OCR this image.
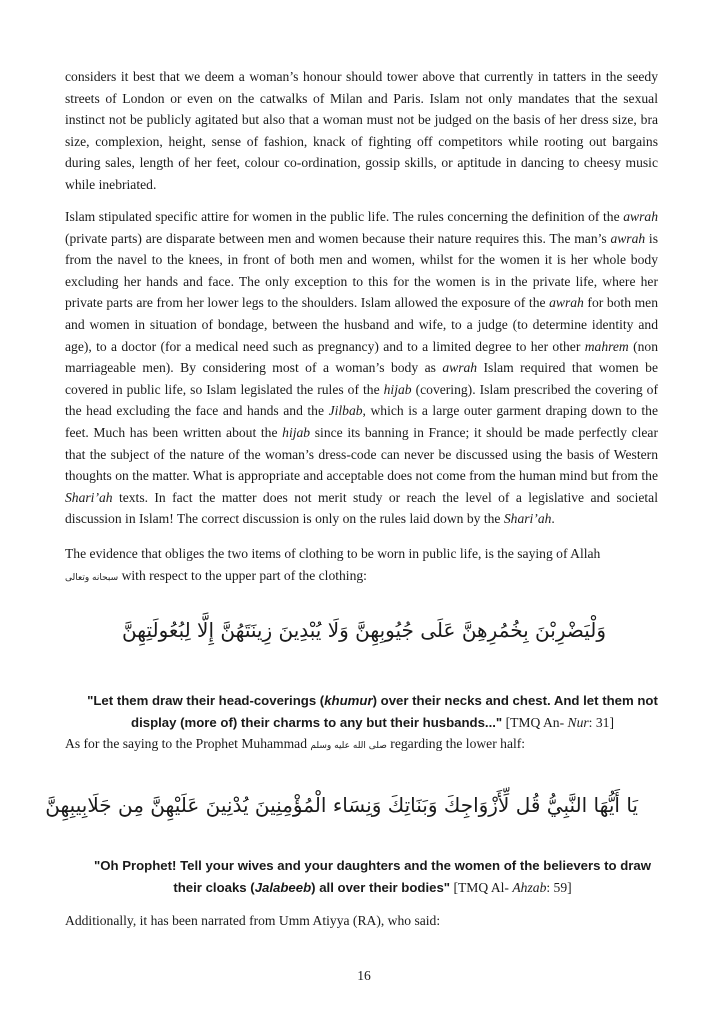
considers it best that we deem a woman’s honour should tower above that currently in tatters in the seedy streets of London or even on the catwalks of Milan and Paris. Islam not only mandates that the sexual instinct not be publicly agitated but also that a woman must not be judged on the basis of her dress size, bra size, complexion, height, sense of fashion, knack of fighting off competitors while rooting out bargains during sales, length of her feet, colour co-ordination, gossip skills, or aptitude in dancing to cheesy music while inebriated.

Islam stipulated specific attire for women in the public life. The rules concerning the definition of the awrah (private parts) are disparate between men and women because their nature requires this. The man’s awrah is from the navel to the knees, in front of both men and women, whilst for the women it is her whole body excluding her hands and face. The only exception to this for the women is in the private life, where her private parts are from her lower legs to the shoulders. Islam allowed the exposure of the awrah for both men and women in situation of bondage, between the husband and wife, to a judge (to determine identity and age), to a doctor (for a medical need such as pregnancy) and to a limited degree to her other mahrem (non marriageable men). By considering most of a woman’s body as awrah Islam required that women be covered in public life, so Islam legislated the rules of the hijab (covering). Islam prescribed the covering of the head excluding the face and hands and the Jilbab, which is a large outer garment draping down to the feet. Much has been written about the hijab since its banning in France; it should be made perfectly clear that the subject of the nature of the woman’s dress-code can never be discussed using the basis of Western thoughts on the matter. What is appropriate and acceptable does not come from the human mind but from the Shari’ah texts. In fact the matter does not merit study or reach the level of a legislative and societal discussion in Islam! The correct discussion is only on the rules laid down by the Shari’ah.

The evidence that obliges the two items of clothing to be worn in public life, is the saying of Allah
سبحانه وتعالى with respect to the upper part of the clothing:

وَلْيَضْرِبْنَ بِخُمُرِهِنَّ عَلَى جُيُوبِهِنَّ وَلَا يُبْدِينَ زِينَتَهُنَّ إِلَّا لِبُعُولَتِهِنَّ

"Let them draw their head-coverings (khumur) over their necks and chest. And let them not display (more of) their charms to any but their husbands..." [TMQ An- Nur: 31]

As for the saying to the Prophet Muhammad صلى الله عليه وسلم regarding the lower half:

يَا أَيُّهَا النَّبِيُّ قُل لِّأَزْوَاجِكَ وَبَنَاتِكَ وَنِسَاء الْمُؤْمِنِينَ يُدْنِينَ عَلَيْهِنَّ مِن جَلَابِيبِهِنَّ

"Oh Prophet! Tell your wives and your daughters and the women of the believers to draw their cloaks (Jalabeeb) all over their bodies" [TMQ Al- Ahzab: 59]

Additionally, it has been narrated from Umm Atiyya (RA), who said:

16
